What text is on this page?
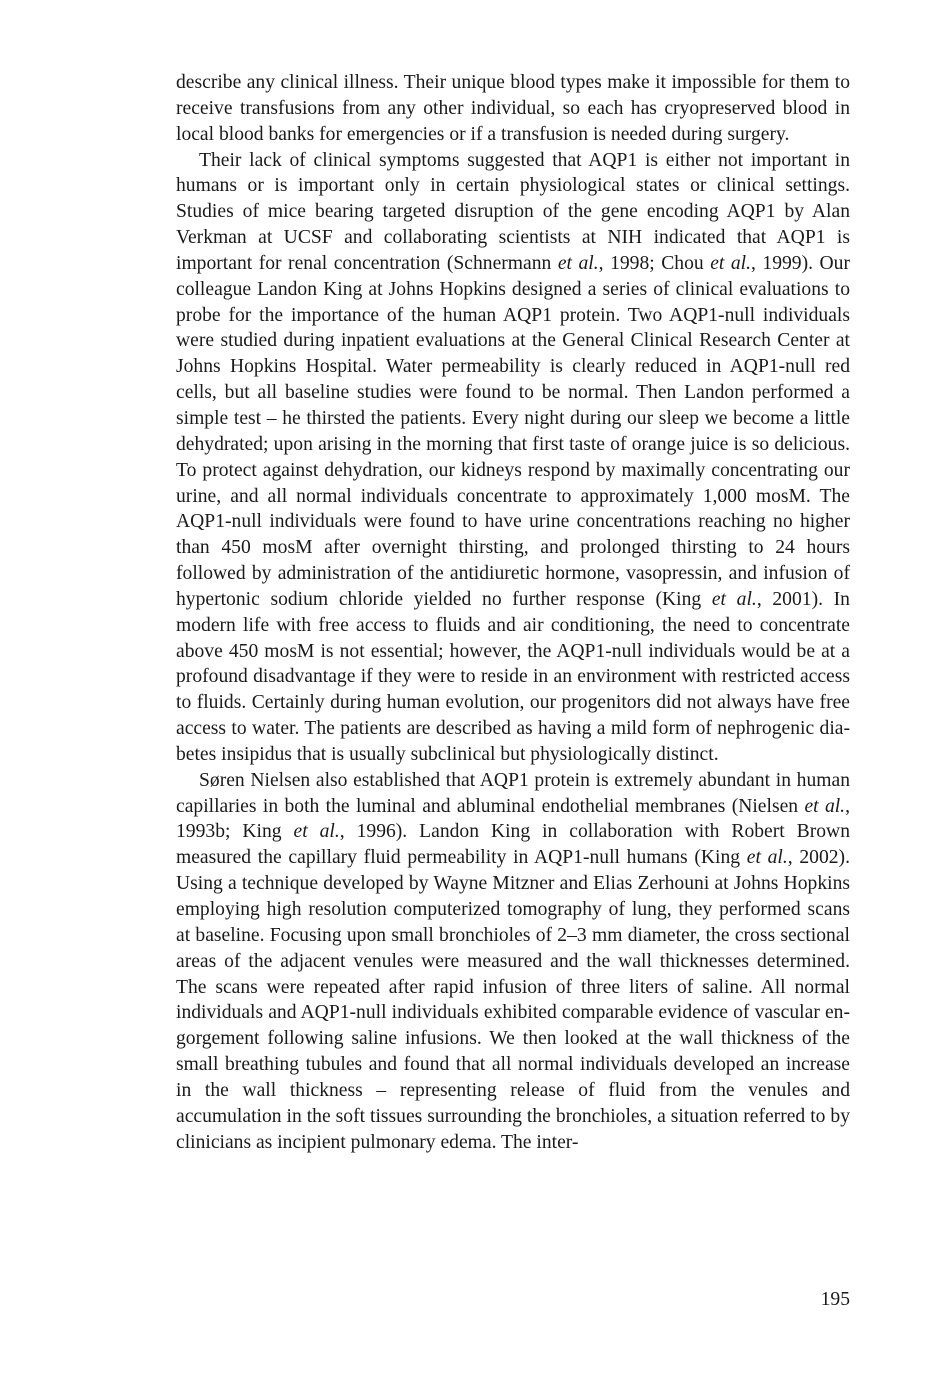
describe any clinical illness. Their unique blood types make it impossible for them to receive transfusions from any other individual, so each has cryopreserved blood in local blood banks for emergencies or if a transfusion is needed during surgery.

Their lack of clinical symptoms suggested that AQP1 is either not important in humans or is important only in certain physiological states or clinical settings. Studies of mice bearing targeted disruption of the gene encoding AQP1 by Alan Verkman at UCSF and collaborating scientists at NIH indicated that AQP1 is important for renal concentration (Schnermann et al., 1998; Chou et al., 1999). Our colleague Landon King at Johns Hopkins designed a series of clinical evaluations to probe for the importance of the human AQP1 protein. Two AQP1-null individuals were studied during inpatient evaluations at the General Clinical Research Center at Johns Hopkins Hospital. Water permeability is clearly reduced in AQP1-null red cells, but all baseline studies were found to be normal. Then Landon performed a simple test – he thirsted the patients. Every night during our sleep we become a little dehydrated; upon arising in the morning that first taste of orange juice is so delicious. To protect against dehydration, our kidneys respond by maximally concentrating our urine, and all normal individuals concentrate to approximately 1,000 mosM. The AQP1-null individuals were found to have urine concentrations reaching no higher than 450 mosM after overnight thirsting, and prolonged thirsting to 24 hours followed by administration of the antidiuretic hormone, vasopressin, and infusion of hypertonic sodium chloride yielded no further response (King et al., 2001). In modern life with free access to fluids and air conditioning, the need to concentrate above 450 mosM is not essential; however, the AQP1-null individuals would be at a profound disadvantage if they were to reside in an environment with restricted access to fluids. Certainly during human evolution, our progenitors did not always have free access to water. The patients are described as having a mild form of nephrogenic diabetes insipidus that is usually subclinical but physiologically distinct.

Søren Nielsen also established that AQP1 protein is extremely abundant in human capillaries in both the luminal and abluminal endothelial membranes (Nielsen et al., 1993b; King et al., 1996). Landon King in collaboration with Robert Brown measured the capillary fluid permeability in AQP1-null humans (King et al., 2002). Using a technique developed by Wayne Mitzner and Elias Zerhouni at Johns Hopkins employing high resolution computerized tomography of lung, they performed scans at baseline. Focusing upon small bronchioles of 2–3 mm diameter, the cross sectional areas of the adjacent venules were measured and the wall thicknesses determined. The scans were repeated after rapid infusion of three liters of saline. All normal individuals and AQP1-null individuals exhibited comparable evidence of vascular engorgement following saline infusions. We then looked at the wall thickness of the small breathing tubules and found that all normal individuals developed an increase in the wall thickness – representing release of fluid from the venules and accumulation in the soft tissues surrounding the bronchioles, a situation referred to by clinicians as incipient pulmonary edema. The inter-

195
